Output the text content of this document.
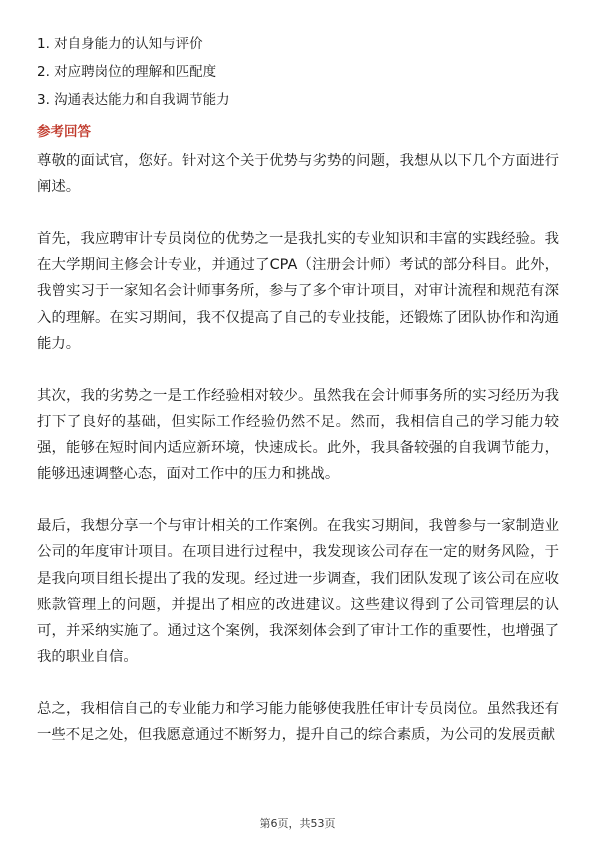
1. 对自身能力的认知与评价
2. 对应聘岗位的理解和匹配度
3. 沟通表达能力和自我调节能力
参考回答

尊敬的面试官，您好。针对这个关于优势与劣势的问题，我想从以下几个方面进行阐述。

首先，我应聘审计专员岗位的优势之一是我扎实的专业知识和丰富的实践经验。我在大学期间主修会计专业，并通过了CPA（注册会计师）考试的部分科目。此外，我曾实习于一家知名会计师事务所，参与了多个审计项目，对审计流程和规范有深入的理解。在实习期间，我不仅提高了自己的专业技能，还锻炼了团队协作和沟通能力。

其次，我的劣势之一是工作经验相对较少。虽然我在会计师事务所的实习经历为我打下了良好的基础，但实际工作经验仍然不足。然而，我相信自己的学习能力较强，能够在短时间内适应新环境，快速成长。此外，我具备较强的自我调节能力，能够迅速调整心态，面对工作中的压力和挑战。

最后，我想分享一个与审计相关的工作案例。在我实习期间，我曾参与一家制造业公司的年度审计项目。在项目进行过程中，我发现该公司存在一定的财务风险，于是我向项目组长提出了我的发现。经过进一步调查，我们团队发现了该公司在应收账款管理上的问题，并提出了相应的改进建议。这些建议得到了公司管理层的认可，并采纳实施了。通过这个案例，我深刻体会到了审计工作的重要性，也增强了我的职业自信。

总之，我相信自己的专业能力和学习能力能够使我胜任审计专员岗位。虽然我还有一些不足之处，但我愿意通过不断努力，提升自己的综合素质，为公司的发展贡献

第6页，共53页
